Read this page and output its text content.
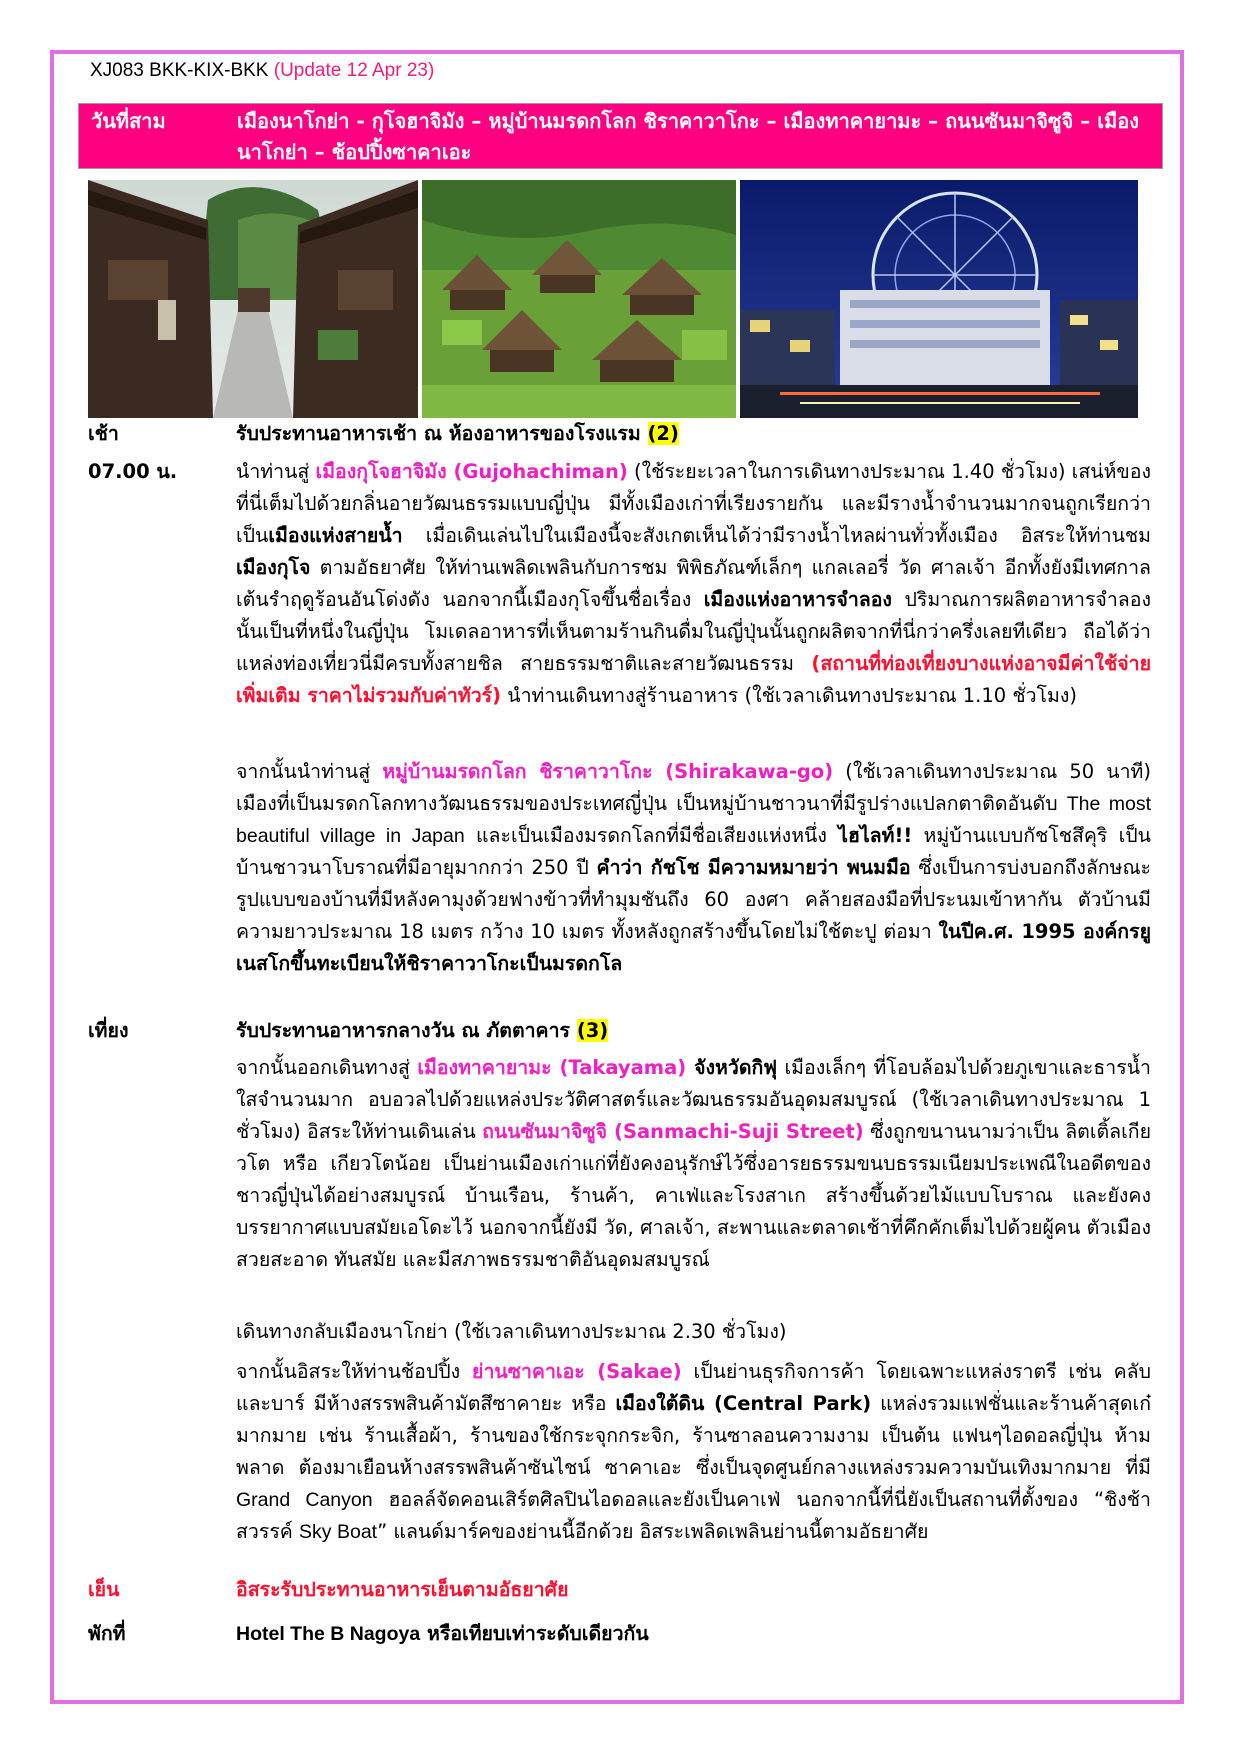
XJ083 BKK-KIX-BKK (Update 12 Apr 23)
วันที่สาม	เมืองนาโกย่า - กุโจฮาจิมัง – หมู่บ้านมรดกโลก ชิราคาวาโกะ – เมืองทาคายามะ – ถนนซันมาจิซูจิ – เมืองนาโกย่า – ช้อปปิ้งซาคาเอะ
เช้า	รับประทานอาหารเช้า ณ ห้องอาหารของโรงแรม (2)
07.00 น.	นำท่านสู่ เมืองกุโจฮาจิมัง (Gujohachiman) (ใช้ระยะเวลาในการเดินทางประมาณ 1.40 ชั่วโมง) เสน่ห์ของที่นี่เต็มไปด้วยกลิ่นอายวัฒนธรรมแบบญี่ปุ่น มีทั้งเมืองเก่าที่เรียงรายกัน และมีรางน้ำจำนวนมากจนถูกเรียกว่าเป็นเมืองแห่งสายน้ำ เมื่อเดินเล่นไปในเมืองนี้จะสังเกตเห็นได้ว่ามีรางน้ำไหลผ่านทั่วทั้งเมือง อิสระให้ท่านชม เมืองกุโจ ตามอัธยาศัย ให้ท่านเพลิดเพลินกับการชม พิพิธภัณฑ์เล็กๆ แกลเลอรี่ วัด ศาลเจ้า อีกทั้งยังมีเทศกาลเต้นรำฤดูร้อนอันโด่งดัง นอกจากนี้เมืองกุโจขึ้นชื่อเรื่อง เมืองแห่งอาหารจำลอง ปริมาณการผลิตอาหารจำลองนั้นเป็นที่หนึ่งในญี่ปุ่น โมเดลอาหารที่เห็นตามร้านกินดื่มในญี่ปุ่นนั้นถูกผลิตจากที่นี่กว่าครึ่งเลยทีเดียว ถือได้ว่าแหล่งท่องเที่ยวนี่มีครบทั้งสายชิล สายธรรมชาติและสายวัฒนธรรม (สถานที่ท่องเที่ยงบางแห่งอาจมีค่าใช้จ่ายเพิ่มเติม ราคาไม่รวมกับค่าทัวร์) นำท่านเดินทางสู่ร้านอาหาร (ใช้เวลาเดินทางประมาณ 1.10 ชั่วโมง)
จากนั้นนำท่านสู่ หมู่บ้านมรดกโลก ชิราคาวาโกะ (Shirakawa-go) (ใช้เวลาเดินทางประมาณ 50 นาที) เมืองที่เป็นมรดกโลกทางวัฒนธรรมของประเทศญี่ปุ่น เป็นหมู่บ้านชาวนาที่มีรูปร่างแปลกตาติดอันดับ The most beautiful village in Japan และเป็นเมืองมรดกโลกที่มีชื่อเสียงแห่งหนึ่ง ไฮไลท์!! หมู่บ้านแบบกัชโชสึคุริ เป็นบ้านชาวนาโบราณที่มีอายุมากกว่า 250 ปี คำว่า กัชโช มีความหมายว่า พนมมือ ซึ่งเป็นการบ่งบอกถึงลักษณะ รูปแบบของบ้านที่มีหลังคามุงด้วยฟางข้าวที่ทำมุมชันถึง 60 องศา คล้ายสองมือที่ประนมเข้าหากัน ตัวบ้านมีความยาวประมาณ 18 เมตร กว้าง 10 เมตร ทั้งหลังถูกสร้างขึ้นโดยไม่ใช้ตะปู ต่อมา ในปีค.ศ. 1995 องค์กรยูเนสโกขึ้นทะเบียนให้ชิราคาวาโกะเป็นมรดกโล
เที่ยง	รับประทานอาหารกลางวัน ณ ภัตตาคาร (3)
จากนั้นออกเดินทางสู่ เมืองทาคายามะ (Takayama) จังหวัดกิฟุ เมืองเล็กๆ ที่โอบล้อมไปด้วยภูเขาและธารน้ำใสจำนวนมาก อบอวลไปด้วยแหล่งประวัติศาสตร์และวัฒนธรรมอันอุดมสมบูรณ์ (ใช้เวลาเดินทางประมาณ 1 ชั่วโมง) อิสระให้ท่านเดินเล่น ถนนซันมาจิซูจิ (Sanmachi-Suji Street) ซึ่งถูกขนานนามว่าเป็น ลิตเติ้ลเกียวโต หรือ เกียวโตน้อย เป็นย่านเมืองเก่าแก่ที่ยังคงอนุรักษ์ไว้ซึ่งอารยธรรมขนบธรรมเนียมประเพณีในอดีตของชาวญี่ปุ่นได้อย่างสมบูรณ์ บ้านเรือน, ร้านค้า, คาเฟ่และโรงสาเก สร้างขึ้นด้วยไม้แบบโบราณ และยังคงบรรยากาศแบบสมัยเอโดะไว้ นอกจากนี้ยังมี วัด, ศาลเจ้า, สะพานและตลาดเช้าที่คึกคักเต็มไปด้วยผู้คน ตัวเมืองสวยสะอาด ทันสมัย และมีสภาพธรรมชาติอันอุดมสมบูรณ์
เดินทางกลับเมืองนาโกย่า (ใช้เวลาเดินทางประมาณ 2.30 ชั่วโมง)
จากนั้นอิสระให้ท่านช้อปปิ้ง ย่านซาคาเอะ (Sakae) เป็นย่านธุรกิจการค้า โดยเฉพาะแหล่งราตรี เช่น คลับและบาร์ มีห้างสรรพสินค้ามัตสึซาคายะ หรือ เมืองใต้ดิน (Central Park) แหล่งรวมแฟชั่นและร้านค้าสุดเก๋มากมาย เช่น ร้านเสื้อผ้า, ร้านของใช้กระจุกกระจิก, ร้านซาลอนความงาม เป็นต้น แฟนๆไอดอลญี่ปุ่น ห้ามพลาด ต้องมาเยือนห้างสรรพสินค้าซันไชน์ ซาคาเอะ ซึ่งเป็นจุดศูนย์กลางแหล่งรวมความบันเทิงมากมาย ที่มี Grand Canyon ฮอลล์จัดคอนเสิร์ตศิลปินไอดอลและยังเป็นคาเฟ่ นอกจากนี้ที่นี่ยังเป็นสถานที่ตั้งของ “ชิงช้าสวรรค์ Sky Boat” แลนด์มาร์คของย่านนี้อีกด้วย อิสระเพลิดเพลินย่านนี้ตามอัธยาศัย
เย็น	อิสระรับประทานอาหารเย็นตามอัธยาศัย
พักที่	Hotel The B Nagoya หรือเทียบเท่าระดับเดียวกัน
